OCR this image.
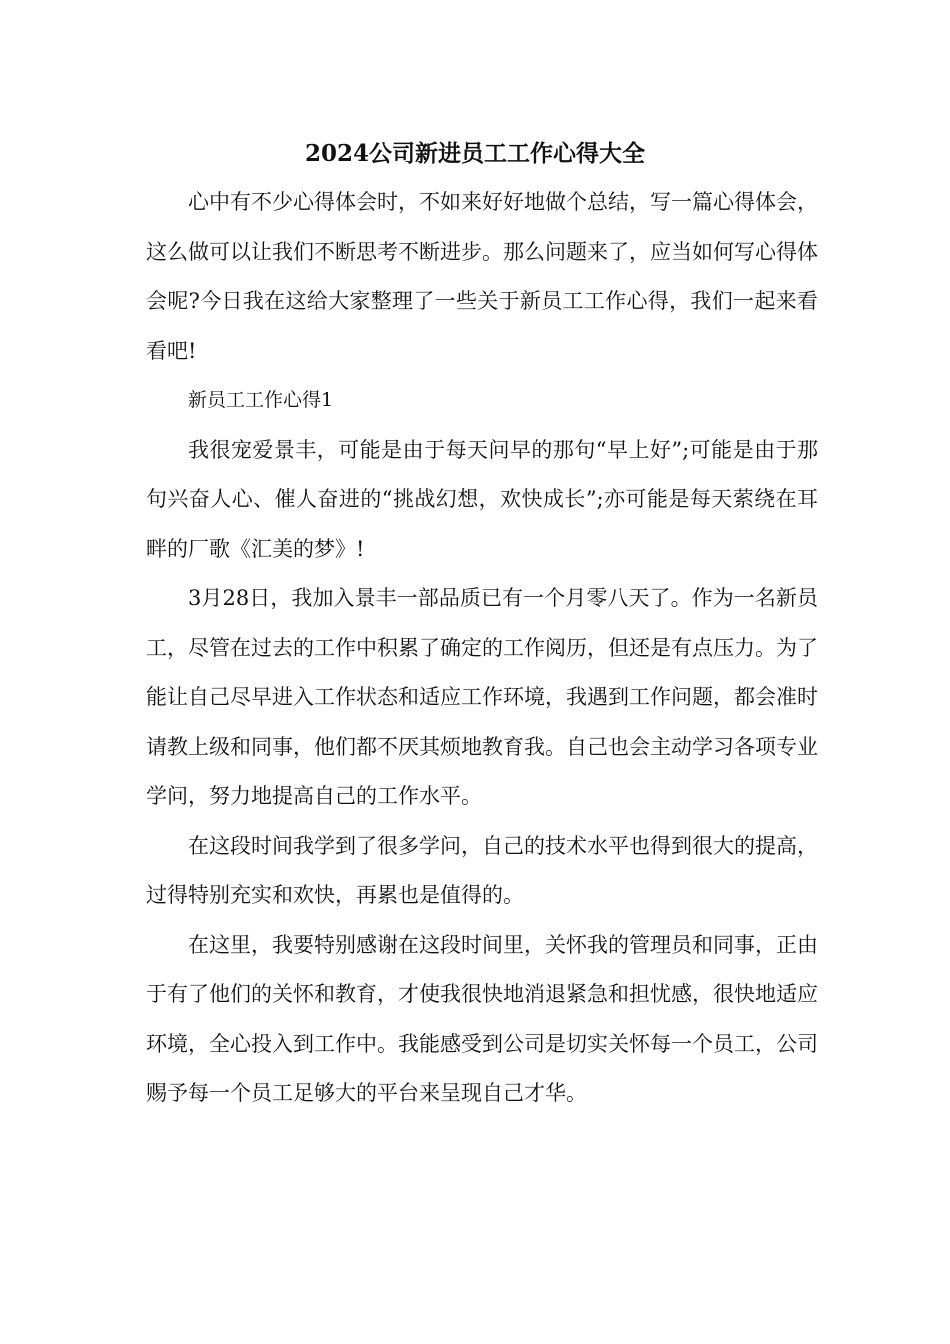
2024公司新进员工工作心得大全

心中有不少心得体会时，不如来好好地做个总结，写一篇心得体会，这么做可以让我们不断思考不断进步。那么问题来了，应当如何写心得体会呢?今日我在这给大家整理了一些关于新员工工作心得，我们一起来看看吧!

新员工工作心得1

我很宠爱景丰，可能是由于每天问早的那句“早上好”;可能是由于那句兴奋人心、催人奋进的“挑战幻想，欢快成长”;亦可能是每天萦绕在耳畔的厂歌《汇美的梦》!

3月28日，我加入景丰一部品质已有一个月零八天了。作为一名新员工，尽管在过去的工作中积累了确定的工作阅历，但还是有点压力。为了能让自己尽早进入工作状态和适应工作环境，我遇到工作问题，都会准时请教上级和同事，他们都不厌其烦地教育我。自己也会主动学习各项专业学问，努力地提高自己的工作水平。

在这段时间我学到了很多学问，自己的技术水平也得到很大的提高，过得特别充实和欢快，再累也是值得的。

在这里，我要特别感谢在这段时间里，关怀我的管理员和同事，正由于有了他们的关怀和教育，才使我很快地消退紧急和担忧感，很快地适应环境，全心投入到工作中。我能感受到公司是切实关怀每一个员工，公司赐予每一个员工足够大的平台来呈现自己才华。
